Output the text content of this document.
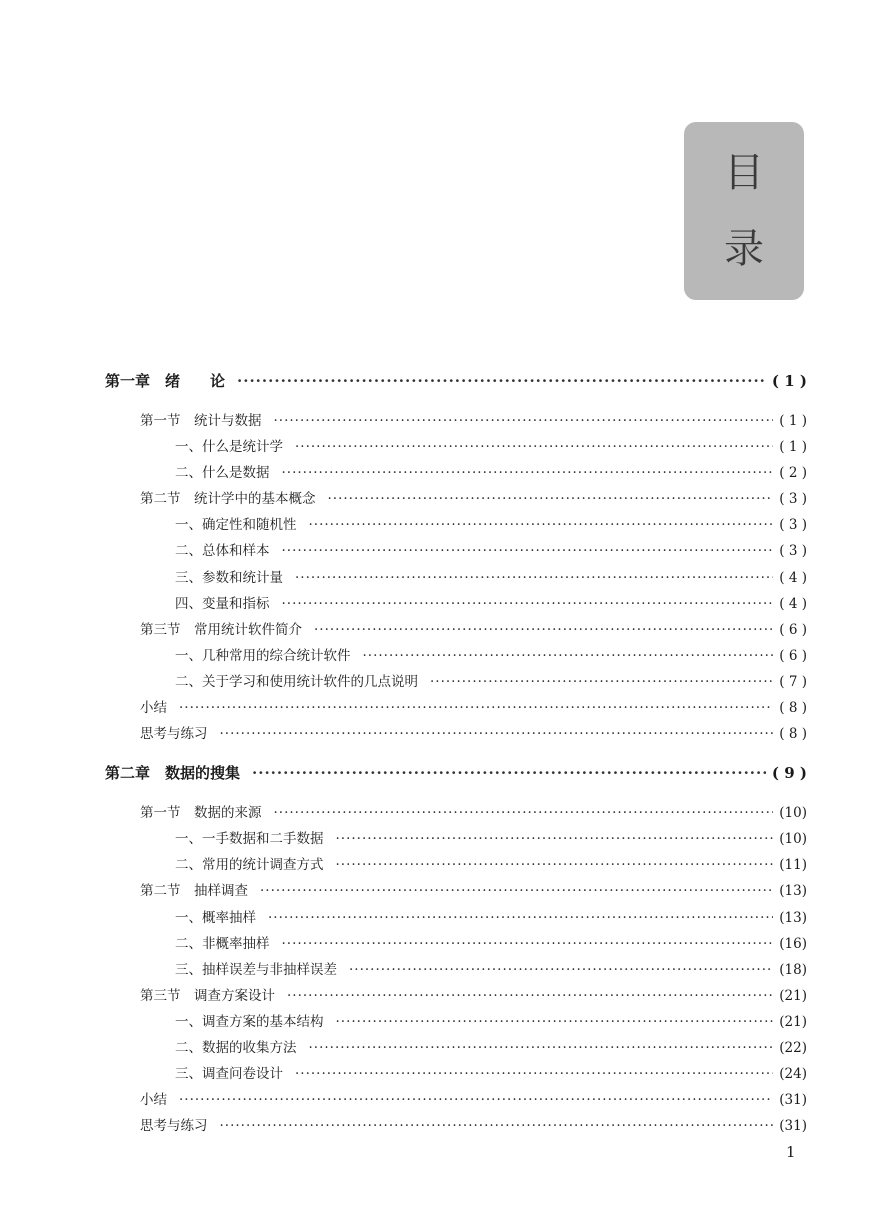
目
录
第一章　绪　　论 ·····	( 1 )
第一节　统计与数据 ·····	( 1 )
一、什么是统计学 ·····	( 1 )
二、什么是数据 ·····	( 2 )
第二节　统计学中的基本概念 ·····	( 3 )
一、确定性和随机性 ·····	( 3 )
二、总体和样本 ·····	( 3 )
三、参数和统计量 ·····	( 4 )
四、变量和指标 ·····	( 4 )
第三节　常用统计软件简介 ·····	( 6 )
一、几种常用的综合统计软件 ·····	( 6 )
二、关于学习和使用统计软件的几点说明 ·····	( 7 )
小结 ·····	( 8 )
思考与练习 ·····	( 8 )
第二章　数据的搜集 ·····	( 9 )
第一节　数据的来源 ·····	(10)
一、一手数据和二手数据 ·····	(10)
二、常用的统计调查方式 ·····	(11)
第二节　抽样调查 ·····	(13)
一、概率抽样 ·····	(13)
二、非概率抽样 ·····	(16)
三、抽样误差与非抽样误差 ·····	(18)
第三节　调查方案设计 ·····	(21)
一、调查方案的基本结构 ·····	(21)
二、数据的收集方法 ·····	(22)
三、调查问卷设计 ·····	(24)
小结 ·····	(31)
思考与练习 ·····	(31)
1
